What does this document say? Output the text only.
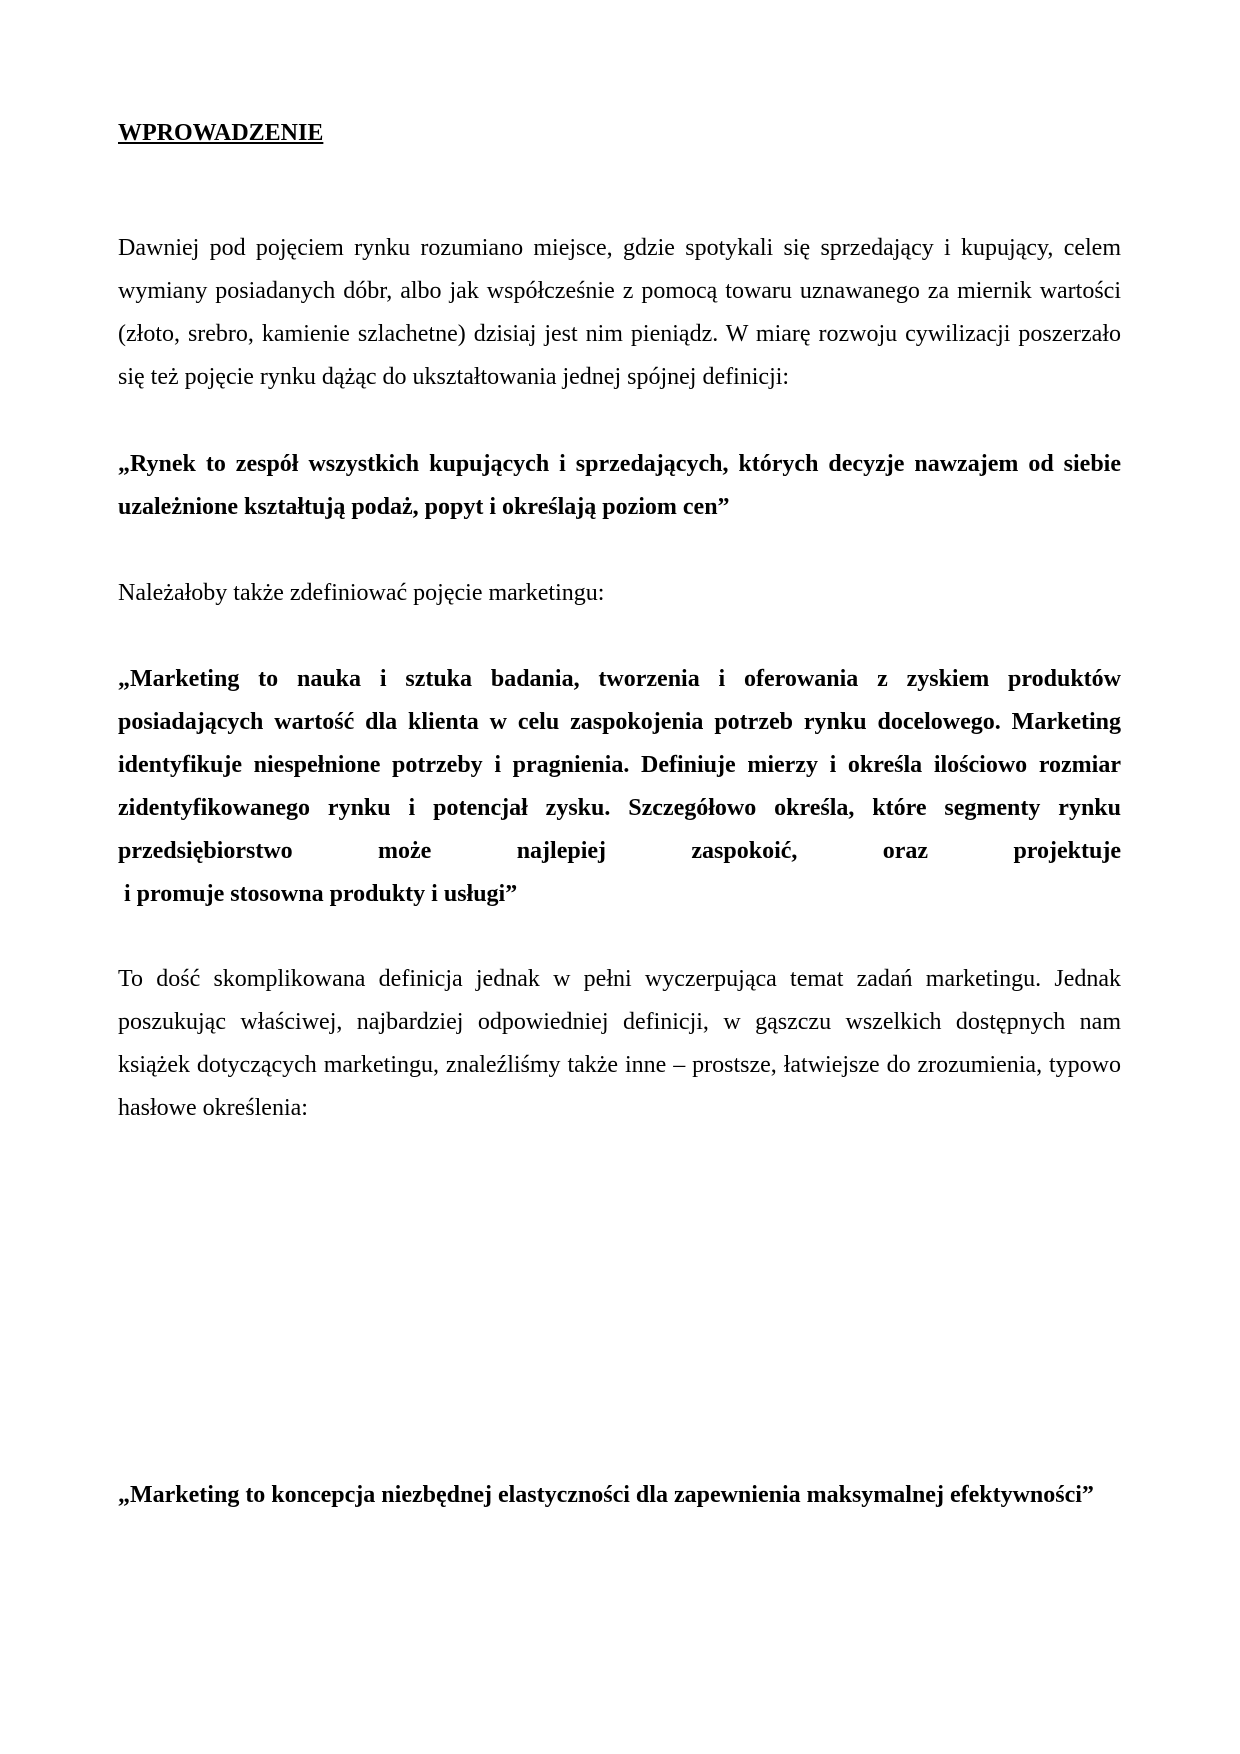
WPROWADZENIE

Dawniej pod pojęciem rynku rozumiano miejsce, gdzie spotykali się sprzedający i kupujący, celem wymiany posiadanych dóbr, albo jak współcześnie z pomocą towaru uznawanego za miernik wartości (złoto, srebro, kamienie szlachetne) dzisiaj jest nim pieniądz. W miarę rozwoju cywilizacji poszerzało się też pojęcie rynku dążąc do ukształtowania jednej spójnej definicji:

„Rynek to zespół wszystkich kupujących i sprzedających, których decyzje nawzajem od siebie uzależnione kształtują podaż, popyt i określają poziom cen”

Należałoby także zdefiniować pojęcie marketingu:

„Marketing to nauka i sztuka badania, tworzenia i oferowania z zyskiem produktów posiadających wartość dla klienta w celu zaspokojenia potrzeb rynku docelowego. Marketing identyfikuje niespełnione potrzeby i pragnienia. Definiuje mierzy i określa ilościowo rozmiar zidentyfikowanego rynku i potencjał zysku. Szczegółowo określa, które segmenty rynku przedsiębiorstwo może najlepiej zaspokoić, oraz projektuje
i promuje stosowna produkty i usługi”

To dość skomplikowana definicja jednak w pełni wyczerpująca temat zadań marketingu. Jednak poszukując właściwej, najbardziej odpowiedniej definicji, w gąszczu wszelkich dostępnych nam książek dotyczących marketingu, znaleźliśmy także inne – prostsze, łatwiejsze do zrozumienia, typowo hasłowe określenia:

„Marketing to koncepcja niezbędnej elastyczności dla zapewnienia maksymalnej efektywności”
